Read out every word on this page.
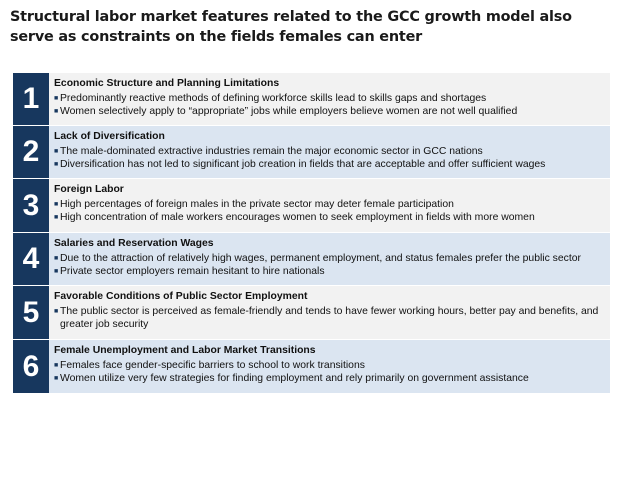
Structural labor market features related to the GCC growth model also serve as constraints on the fields females can enter
1	Economic Structure and Planning Limitations
■ Predominantly reactive methods of defining workforce skills lead to skills gaps and shortages
■ Women selectively apply to “appropriate” jobs while employers believe women are not well qualified
2	Lack of Diversification
■ The male-dominated extractive industries remain the major economic sector in GCC nations
■ Diversification has not led to significant job creation in fields that are acceptable and offer sufficient wages
3	Foreign Labor
■ High percentages of foreign males in the private sector may deter female participation
■ High concentration of male workers encourages women to seek employment in fields with more women
4	Salaries and Reservation Wages
■ Due to the attraction of relatively high wages, permanent employment, and status females prefer the public sector
■ Private sector employers remain hesitant to hire nationals
5	Favorable Conditions of Public Sector Employment
■ The public sector is perceived as female-friendly and tends to have fewer working hours, better pay and benefits, and greater job security
6	Female Unemployment and Labor Market Transitions
■ Females face gender-specific barriers to school to work transitions
■ Women utilize very few strategies for finding employment and rely primarily on government assistance
